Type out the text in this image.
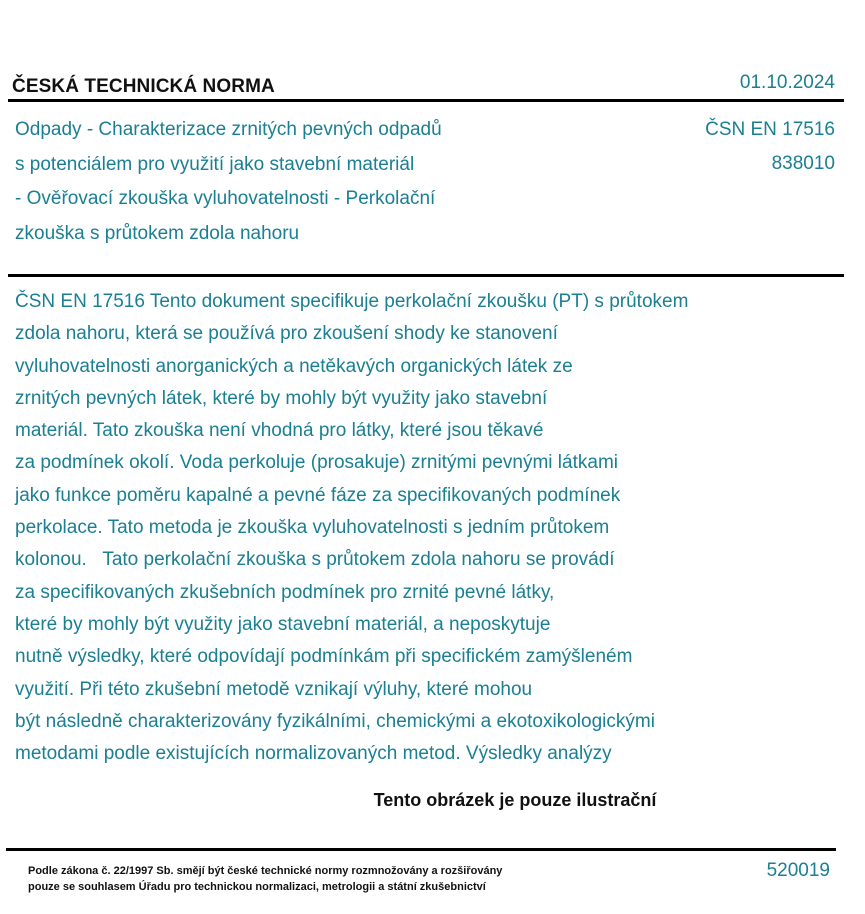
ČESKÁ TECHNICKÁ NORMA	01.10.2024
Odpady - Charakterizace zrnitých pevných odpadů
s potenciálem pro využití jako stavební materiál
- Ověřovací zkouška vyluhovatelnosti - Perkolační
zkouška s průtokem zdola nahoru
ČSN EN 17516
838010
ČSN EN 17516 Tento dokument specifikuje perkolační zkoušku (PT) s průtokem
zdola nahoru, která se používá pro zkoušení shody ke stanovení
vyluhovatelnosti anorganických a netěkavých organických látek ze
zrnitých pevných látek, které by mohly být využity jako stavební
materiál. Tato zkouška není vhodná pro látky, které jsou těkavé
za podmínek okolí. Voda perkoluje (prosakuje) zrnitými pevnými látkami
jako funkce poměru kapalné a pevné fáze za specifikovaných podmínek
perkolace. Tato metoda je zkouška vyluhovatelnosti s jedním průtokem
kolonou.   Tato perkolační zkouška s průtokem zdola nahoru se provádí
za specifikovaných zkušebních podmínek pro zrnité pevné látky,
které by mohly být využity jako stavební materiál, a neposkytuje
nutně výsledky, které odpovídají podmínkám při specifickém zamýšleném
využití. Při této zkušební metodě vznikají výluhy, které mohou
být následně charakterizovány fyzikálními, chemickými a ekotoxikologickými
metodami podle existujících normalizovaných metod. Výsledky analýzy
Tento obrázek je pouze ilustrační
Podle zákona č. 22/1997 Sb. smějí být české technické normy rozmnožovány a rozšiřovány
pouze se souhlasem Úřadu pro technickou normalizaci, metrologii a státní zkušebnictví
520019
